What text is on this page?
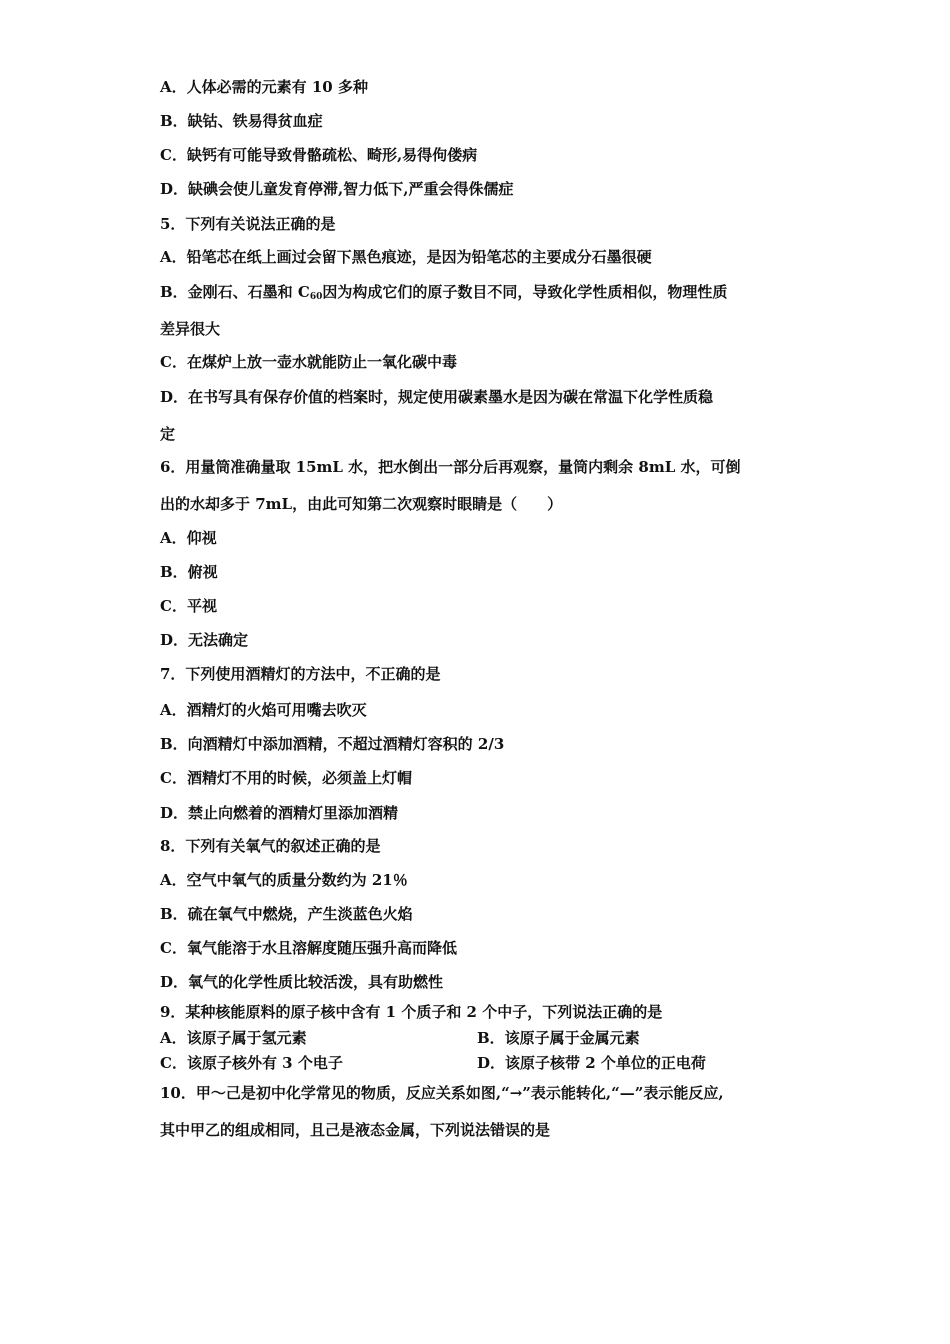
A．人体必需的元素有 10 多种
B．缺钴、铁易得贫血症
C．缺钙有可能导致骨骼疏松、畸形,易得佝偻病
D．缺碘会使儿童发育停滞,智力低下,严重会得侏儒症
5．下列有关说法正确的是
A．铅笔芯在纸上画过会留下黑色痕迹，是因为铅笔芯的主要成分石墨很硬
B．金刚石、石墨和 $C_{60}$因为构成它们的原子数目不同，导致化学性质相似，物理性质
差异很大
C．在煤炉上放一壶水就能防止一氧化碳中毒
D．在书写具有保存价值的档案时，规定使用碳素墨水是因为碳在常温下化学性质稳
定
6．用量筒准确量取 15mL 水，把水倒出一部分后再观察，量筒内剩余 8mL 水，可倒
出的水却多于 7mL，由此可知第二次观察时眼睛是（　　）
A．仰视
B．俯视
C．平视
D．无法确定
7．下列使用酒精灯的方法中，不正确的是
A．酒精灯的火焰可用嘴去吹灭
B．向酒精灯中添加酒精，不超过酒精灯容积的 2/3
C．酒精灯不用的时候，必须盖上灯帽
D．禁止向燃着的酒精灯里添加酒精
8．下列有关氧气的叙述正确的是
A．空气中氧气的质量分数约为 21％
B．硫在氧气中燃烧，产生淡蓝色火焰
C．氧气能溶于水且溶解度随压强升高而降低
D．氧气的化学性质比较活泼，具有助燃性
9．某种核能原料的原子核中含有 1 个质子和 2 个中子，下列说法正确的是
A．该原子属于氢元素	B．该原子属于金属元素
C．该原子核外有 3 个电子	D．该原子核带 2 个单位的正电荷
10．甲～己是初中化学常见的物质，反应关系如图,“→”表示能转化,“—”表示能反应,
其中甲乙的组成相同，且己是液态金属，下列说法错误的是
